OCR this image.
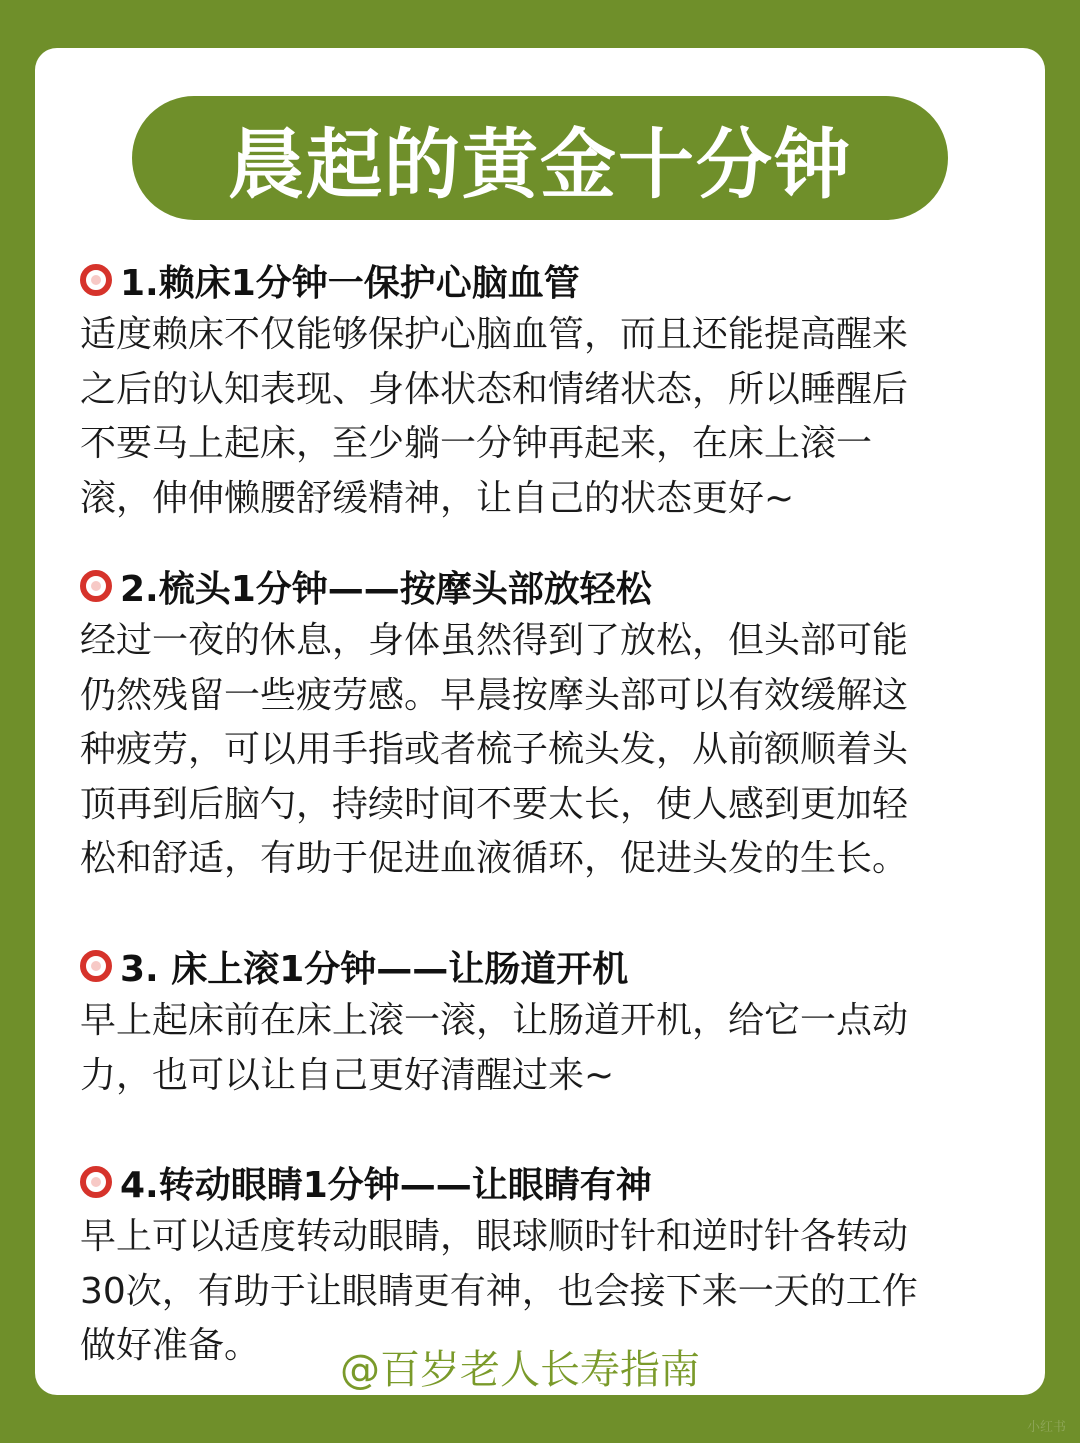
晨起的黄金十分钟
1.赖床1分钟一保护心脑血管

适度赖床不仅能够保护心脑血管，而且还能提高醒来
之后的认知表现、身体状态和情绪状态，所以睡醒后
不要马上起床，至少躺一分钟再起来，在床上滚一
滚，伸伸懒腰舒缓精神，让自己的状态更好~

2.梳头1分钟——按摩头部放轻松

经过一夜的休息，身体虽然得到了放松，但头部可能
仍然残留一些疲劳感。早晨按摩头部可以有效缓解这
种疲劳，可以用手指或者梳子梳头发，从前额顺着头
顶再到后脑勺，持续时间不要太长，使人感到更加轻
松和舒适，有助于促进血液循环，促进头发的生长。

3. 床上滚1分钟——让肠道开机

早上起床前在床上滚一滚，让肠道开机，给它一点动
力，也可以让自己更好清醒过来~

4.转动眼睛1分钟——让眼睛有神

早上可以适度转动眼睛，眼球顺时针和逆时针各转动
30次，有助于让眼睛更有神，也会接下来一天的工作
做好准备。

@百岁老人长寿指南
小红书
